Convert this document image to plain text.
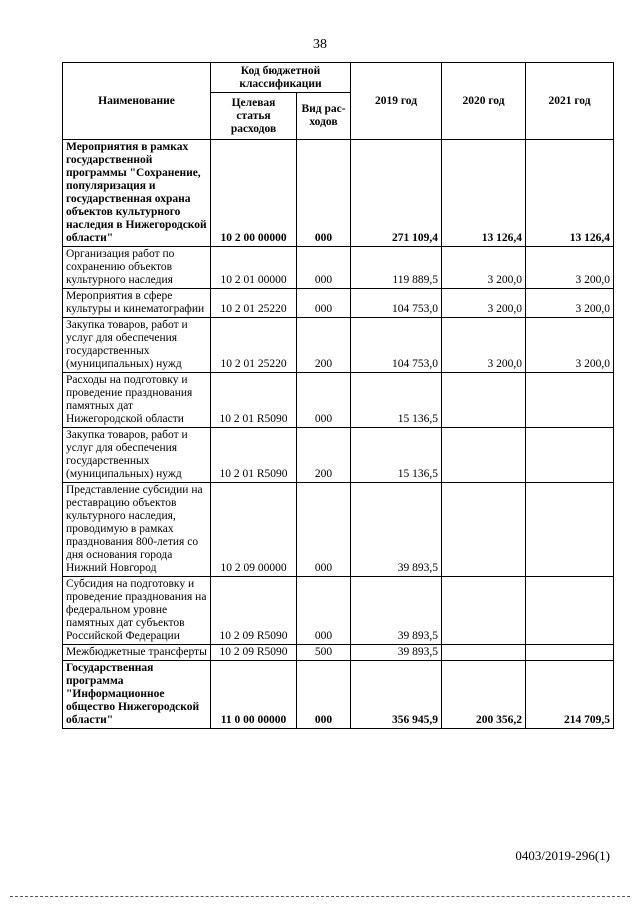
38
Наименование	Код бюджетной классификации		2019 год	2020 год	2021 год
	Целевая статья расходов	Вид рас-ходов			
Мероприятия в рамках государственной программы "Сохранение, популяризация и государственная охрана объектов культурного наследия в Нижегородской области"	10 2 00 00000	000	271 109,4	13 126,4	13 126,4
Организация работ по сохранению объектов культурного наследия	10 2 01 00000	000	119 889,5	3 200,0	3 200,0
Мероприятия в сфере культуры и кинематографии	10 2 01 25220	000	104 753,0	3 200,0	3 200,0
Закупка товаров, работ и услуг для обеспечения государственных (муниципальных) нужд	10 2 01 25220	200	104 753,0	3 200,0	3 200,0
Расходы на подготовку и проведение празднования памятных дат Нижегородской области	10 2 01 R5090	000	15 136,5		
Закупка товаров, работ и услуг для обеспечения государственных (муниципальных) нужд	10 2 01 R5090	200	15 136,5		
Представление субсидии на реставрацию объектов культурного наследия, проводимую в рамках празднования 800-летия со дня основания города Нижний Новгород	10 2 09 00000	000	39 893,5		
Субсидия на подготовку и проведение празднования на федеральном уровне памятных дат субъектов Российской Федерации	10 2 09 R5090	000	39 893,5		
Межбюджетные трансферты	10 2 09 R5090	500	39 893,5		
Государственная программа "Информационное общество Нижегородской области"	11 0 00 00000	000	356 945,9	200 356,2	214 709,5
0403/2019-296(1)
